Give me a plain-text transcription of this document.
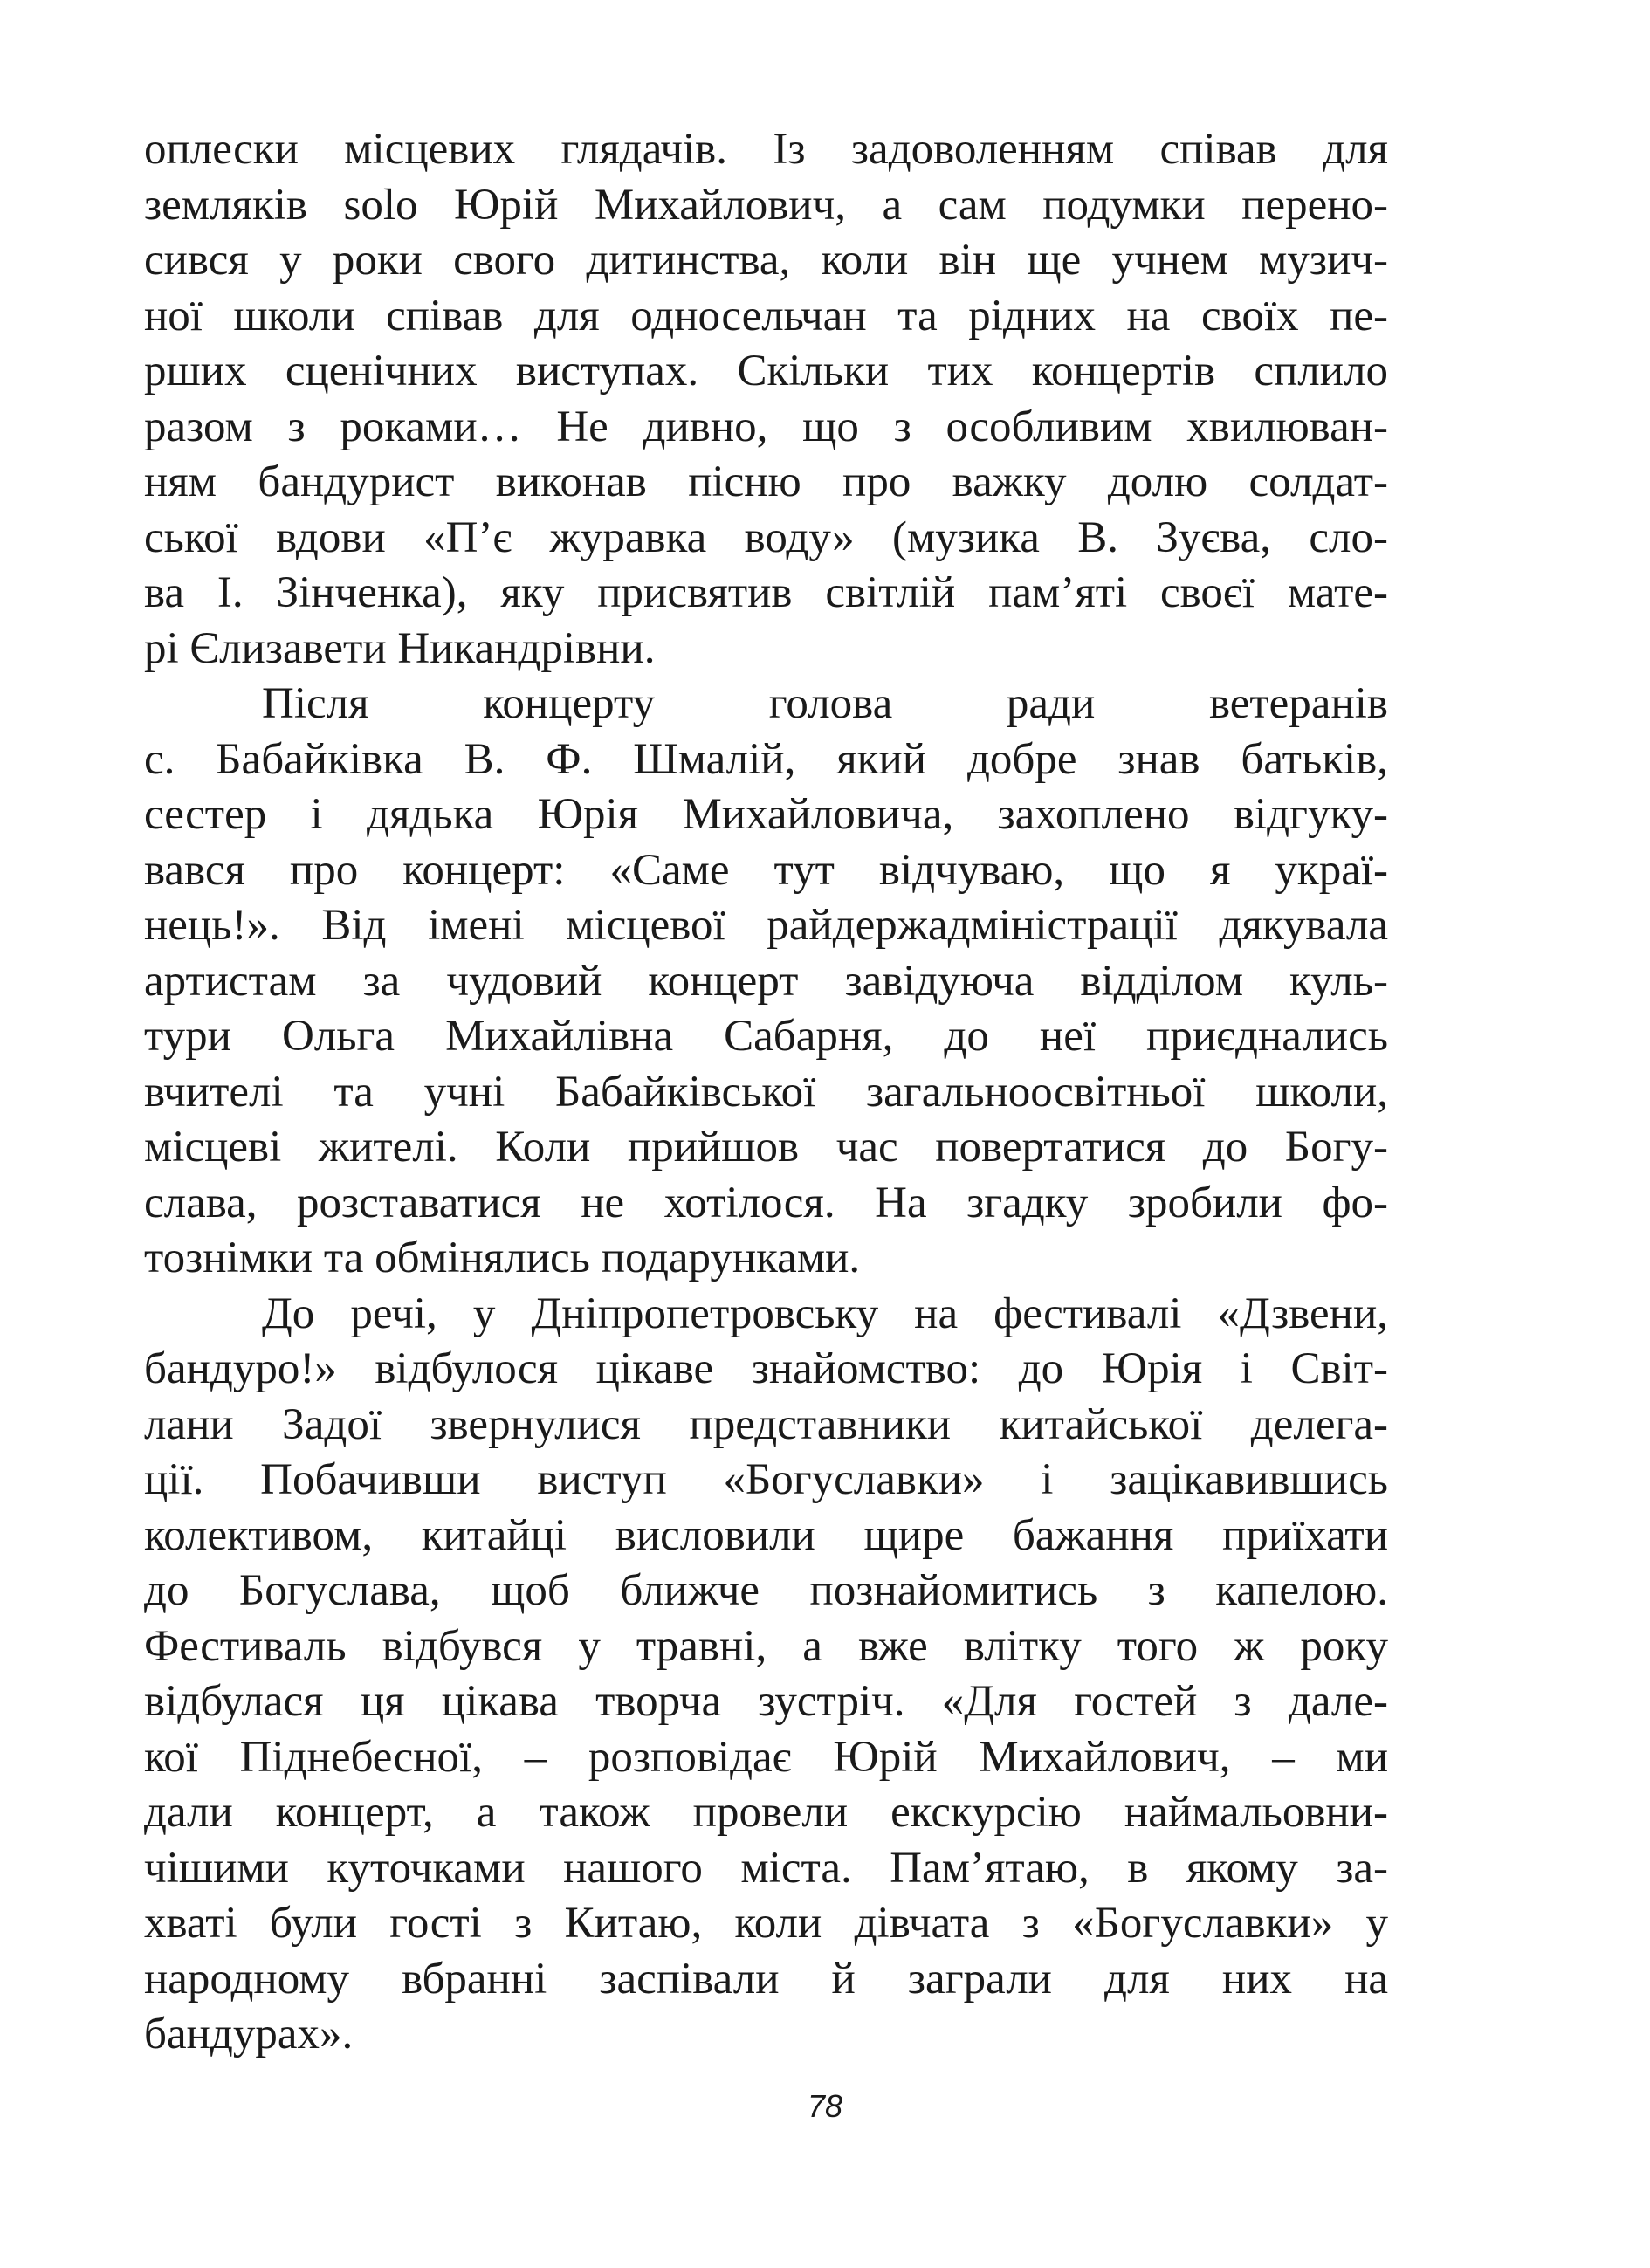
оплески місцевих глядачів. Із задоволенням співав для
земляків solo Юрій Михайлович, а сам подумки перено-
сився у роки свого дитинства, коли він ще учнем музич-
ної школи співав для односельчан та рідних на своїх пе-
рших сценічних виступах. Скільки тих концертів сплило
разом з роками… Не дивно, що з особливим хвилюван-
ням бандурист виконав пісню про важку долю солдат-
ської вдови «П’є журавка воду» (музика В. Зуєва, сло-
ва І. Зінченка), яку присвятив світлій пам’яті своєї мате-
рі Єлизавети Никандрівни.
Після концерту голова ради ветеранів
с. Бабайківка В. Ф. Шмалій, який добре знав батьків,
сестер і дядька Юрія Михайловича, захоплено відгуку-
вався про концерт: «Саме тут відчуваю, що я украї-
нець!». Від імені місцевої райдержадміністрації дякувала
артистам за чудовий концерт завідуюча відділом куль-
тури Ольга Михайлівна Сабарня, до неї приєднались
вчителі та учні Бабайківської загальноосвітньої школи,
місцеві жителі. Коли прийшов час повертатися до Богу-
слава, розставатися не хотілося. На згадку зробили фо-
тознімки та обмінялись подарунками.
До речі, у Дніпропетровську на фестивалі «Дзвени,
бандуро!» відбулося цікаве знайомство: до Юрія і Світ-
лани Задої звернулися представники китайської делега-
ції. Побачивши виступ «Богуславки» і зацікавившись
колективом, китайці висловили щире бажання приїхати
до Богуслава, щоб ближче познайомитись з капелою.
Фестиваль відбувся у травні, а вже влітку того ж року
відбулася ця цікава творча зустріч. «Для гостей з дале-
кої Піднебесної, – розповідає Юрій Михайлович, – ми
дали концерт, а також провели екскурсію наймальовни-
чішими куточками нашого міста. Пам’ятаю, в якому за-
хваті були гості з Китаю, коли дівчата з «Богуславки» у
народному вбранні заспівали й заграли для них на
бандурах».
78
